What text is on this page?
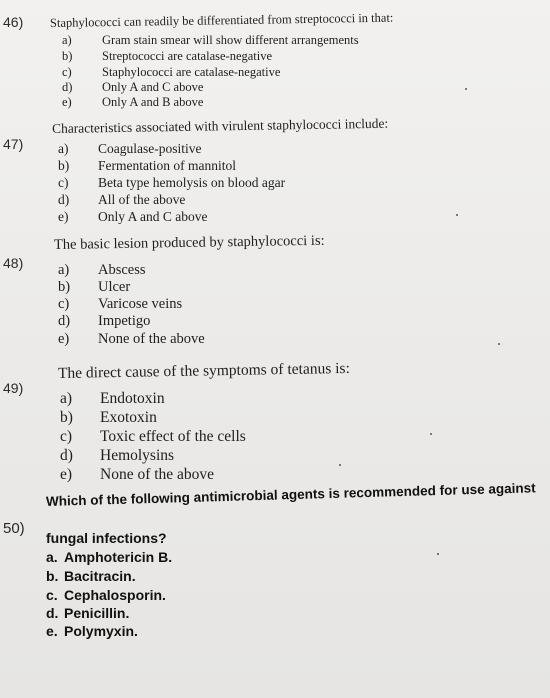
46) Staphylococci can readily be differentiated from streptococci in that:
a) Gram stain smear will show different arrangements
b) Streptococci are catalase-negative
c) Staphylococci are catalase-negative
d) Only A and C above
e) Only A and B above
47)
Characteristics associated with virulent staphylococci include:
a) Coagulase-positive
b) Fermentation of mannitol
c) Beta type hemolysis on blood agar
d) All of the above
e) Only A and C above
48)
The basic lesion produced by staphylococci is:
a) Abscess
b) Ulcer
c) Varicose veins
d) Impetigo
e) None of the above
49)
The direct cause of the symptoms of tetanus is:
a) Endotoxin
b) Exotoxin
c) Toxic effect of the cells
d) Hemolysins
e) None of the above
50)
Which of the following antimicrobial agents is recommended for use against
fungal infections?
a. Amphotericin B.
b. Bacitracin.
c. Cephalosporin.
d. Penicillin.
e. Polymyxin.
